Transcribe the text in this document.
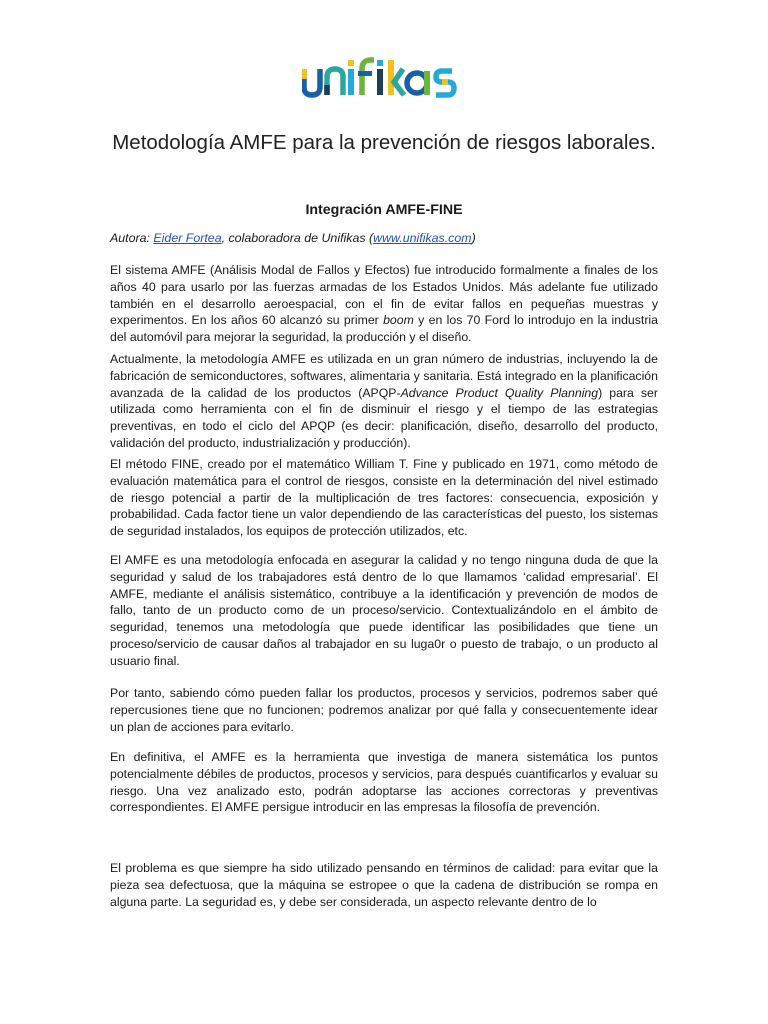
Metodología AMFE para la prevención de riesgos laborales.
Integración AMFE-FINE
Autora: Eider Fortea, colaboradora de Unifikas (www.unifikas.com)

El sistema AMFE (Análisis Modal de Fallos y Efectos) fue introducido formalmente a finales de los años 40 para usarlo por las fuerzas armadas de los Estados Unidos. Más adelante fue utilizado también en el desarrollo aeroespacial, con el fin de evitar fallos en pequeñas muestras y experimentos. En los años 60 alcanzó su primer boom y en los 70 Ford lo introdujo en la industria del automóvil para mejorar la seguridad, la producción y el diseño.

Actualmente, la metodología AMFE es utilizada en un gran número de industrias, incluyendo la de fabricación de semiconductores, softwares, alimentaria y sanitaria. Está integrado en la planificación avanzada de la calidad de los productos (APQP-Advance Product Quality Planning) para ser utilizada como herramienta con el fin de disminuir el riesgo y el tiempo de las estrategias preventivas, en todo el ciclo del APQP (es decir: planificación, diseño, desarrollo del producto, validación del producto, industrialización y producción).

El método FINE, creado por el matemático William T. Fine y publicado en 1971, como método de evaluación matemática para el control de riesgos, consiste en la determinación del nivel estimado de riesgo potencial a partir de la multiplicación de tres factores: consecuencia, exposición y probabilidad. Cada factor tiene un valor dependiendo de las características del puesto, los sistemas de seguridad instalados, los equipos de protección utilizados, etc.

El AMFE es una metodología enfocada en asegurar la calidad y no tengo ninguna duda de que la seguridad y salud de los trabajadores está dentro de lo que llamamos ‘calidad empresarial’. El AMFE, mediante el análisis sistemático, contribuye a la identificación y prevención de modos de fallo, tanto de un producto como de un proceso/servicio. Contextualizándolo en el ámbito de seguridad, tenemos una metodología que puede identificar las posibilidades que tiene un proceso/servicio de causar daños al trabajador en su luga0r o puesto de trabajo, o un producto al usuario final.

Por tanto, sabiendo cómo pueden fallar los productos, procesos y servicios, podremos saber qué repercusiones tiene que no funcionen; podremos analizar por qué falla y consecuentemente idear un plan de acciones para evitarlo.

En definitiva, el AMFE es la herramienta que investiga de manera sistemática los puntos potencialmente débiles de productos, procesos y servicios, para después cuantificarlos y evaluar su riesgo. Una vez analizado esto, podrán adoptarse las acciones correctoras y preventivas correspondientes. El AMFE persigue introducir en las empresas la filosofía de prevención.

El problema es que siempre ha sido utilizado pensando en términos de calidad: para evitar que la pieza sea defectuosa, que la máquina se estropee o que la cadena de distribución se rompa en alguna parte. La seguridad es, y debe ser considerada, un aspecto relevante dentro de lo
